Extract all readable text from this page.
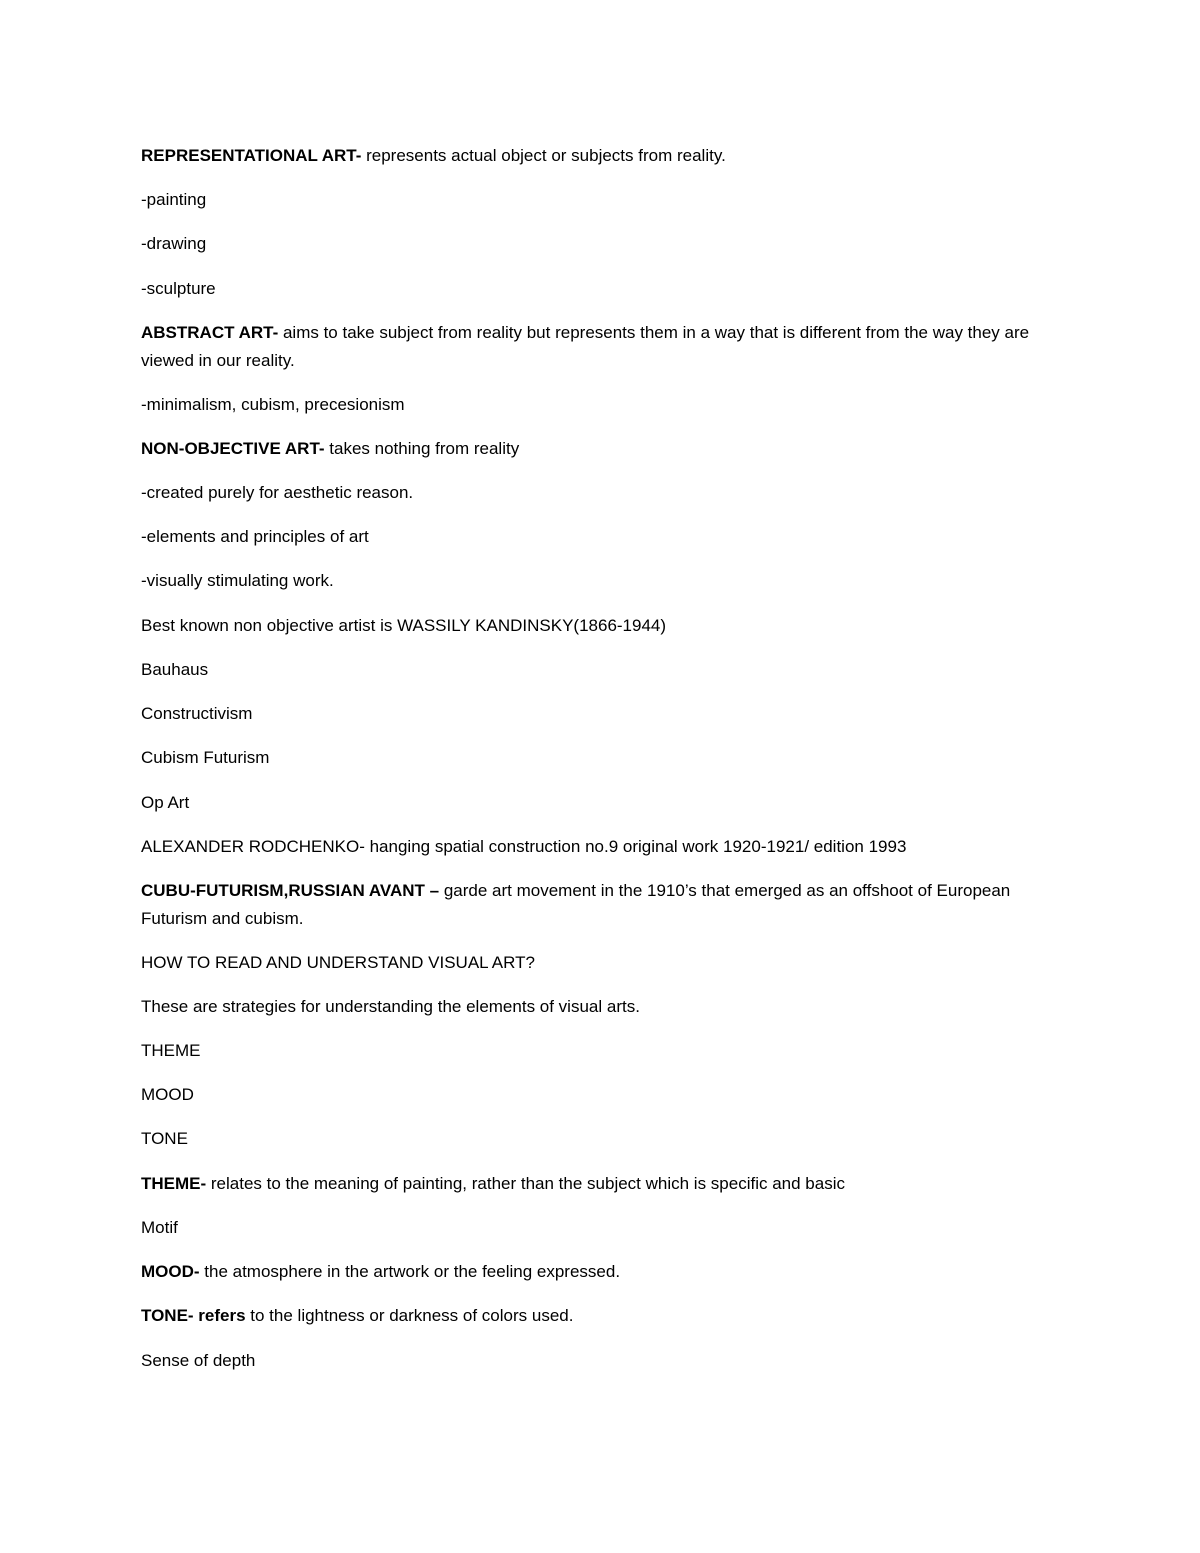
REPRESENTATIONAL ART- represents actual object or subjects from reality.

-painting

-drawing

-sculpture

ABSTRACT ART- aims to take subject from reality but represents them in a way that is different from the way they are viewed in our reality.

-minimalism, cubism, precesionism

NON-OBJECTIVE ART- takes nothing from reality

-created purely for aesthetic reason.

-elements and principles of art

-visually stimulating work.

Best known non objective artist is WASSILY KANDINSKY(1866-1944)

Bauhaus

Constructivism

Cubism Futurism

Op Art

ALEXANDER RODCHENKO- hanging spatial construction no.9 original work 1920-1921/ edition 1993

CUBU-FUTURISM,RUSSIAN AVANT – garde art movement in the 1910’s that emerged as an offshoot of European Futurism and cubism.

HOW TO READ AND UNDERSTAND VISUAL ART?

These are strategies for understanding the elements of visual arts.

THEME

MOOD

TONE

THEME- relates to the meaning of painting, rather than the subject which is specific and basic

Motif

MOOD- the atmosphere in the artwork or the feeling expressed.

TONE- refers to the lightness or darkness of colors used.

Sense of depth
